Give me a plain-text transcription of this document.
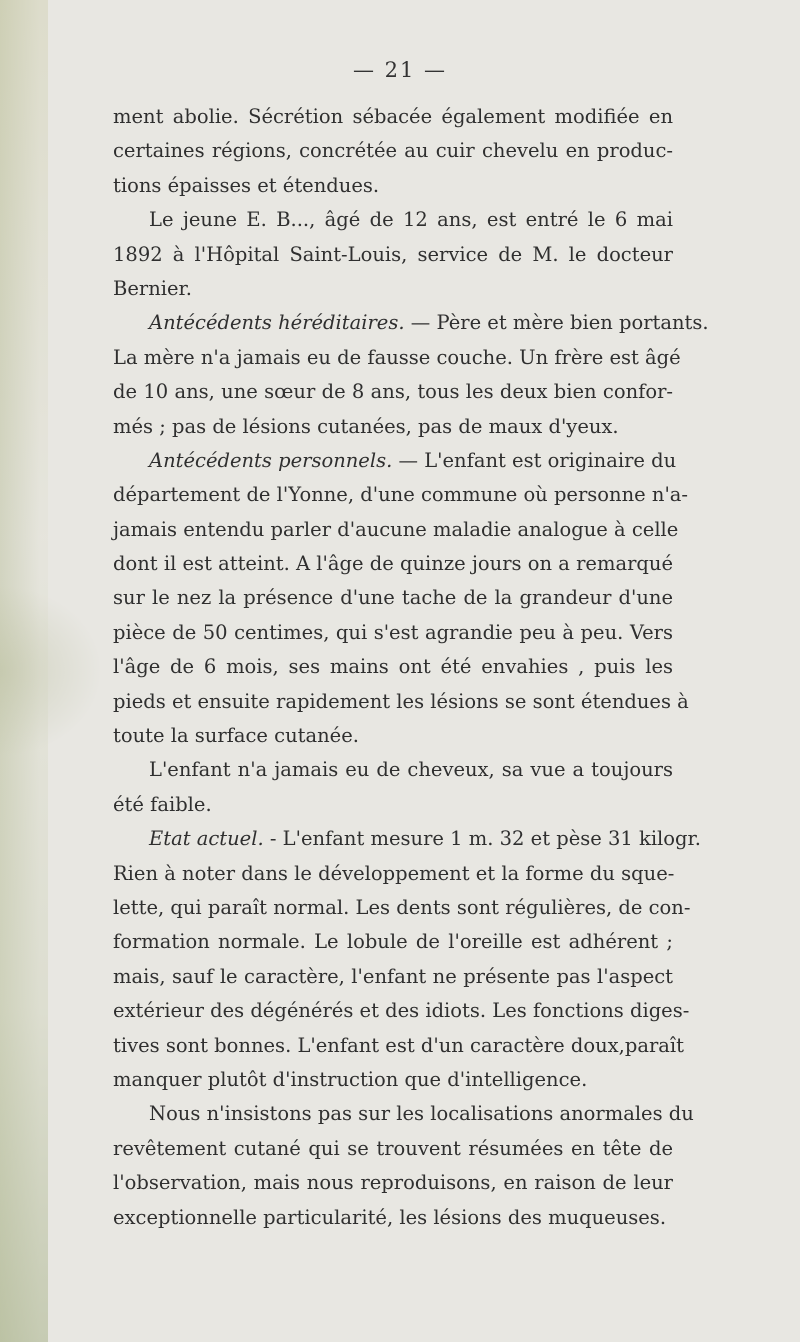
— 21 —
ment abolie. Sécrétion sébacée également modifiée en
certaines régions, concrétée au cuir chevelu en produc-
tions épaisses et étendues.
Le jeune E. B..., âgé de 12 ans, est entré le 6 mai
1892 à l'Hôpital Saint-Louis, service de M. le docteur
Bernier.
Antécédents héréditaires. — Père et mère bien portants.
La mère n'a jamais eu de fausse couche. Un frère est âgé
de 10 ans, une sœur de 8 ans, tous les deux bien confor-
més ; pas de lésions cutanées, pas de maux d'yeux.
Antécédents personnels. — L'enfant est originaire du
département de l'Yonne, d'une commune où personne n'a-
jamais entendu parler d'aucune maladie analogue à celle
dont il est atteint. A l'âge de quinze jours on a remarqué
sur le nez la présence d'une tache de la grandeur d'une
pièce de 50 centimes, qui s'est agrandie peu à peu. Vers
l'âge de 6 mois, ses mains ont été envahies , puis les
pieds et ensuite rapidement les lésions se sont étendues à
toute la surface cutanée.
L'enfant n'a jamais eu de cheveux, sa vue a toujours
été faible.
Etat actuel. - L'enfant mesure 1 m. 32 et pèse 31 kilogr.
Rien à noter dans le développement et la forme du sque-
lette, qui paraît normal. Les dents sont régulières, de con-
formation normale. Le lobule de l'oreille est adhérent ;
mais, sauf le caractère, l'enfant ne présente pas l'aspect
extérieur des dégénérés et des idiots. Les fonctions diges-
tives sont bonnes. L'enfant est d'un caractère doux,paraît
manquer plutôt d'instruction que d'intelligence.
Nous n'insistons pas sur les localisations anormales du
revêtement cutané qui se trouvent résumées en tête de
l'observation, mais nous reproduisons, en raison de leur
exceptionnelle particularité, les lésions des muqueuses.
